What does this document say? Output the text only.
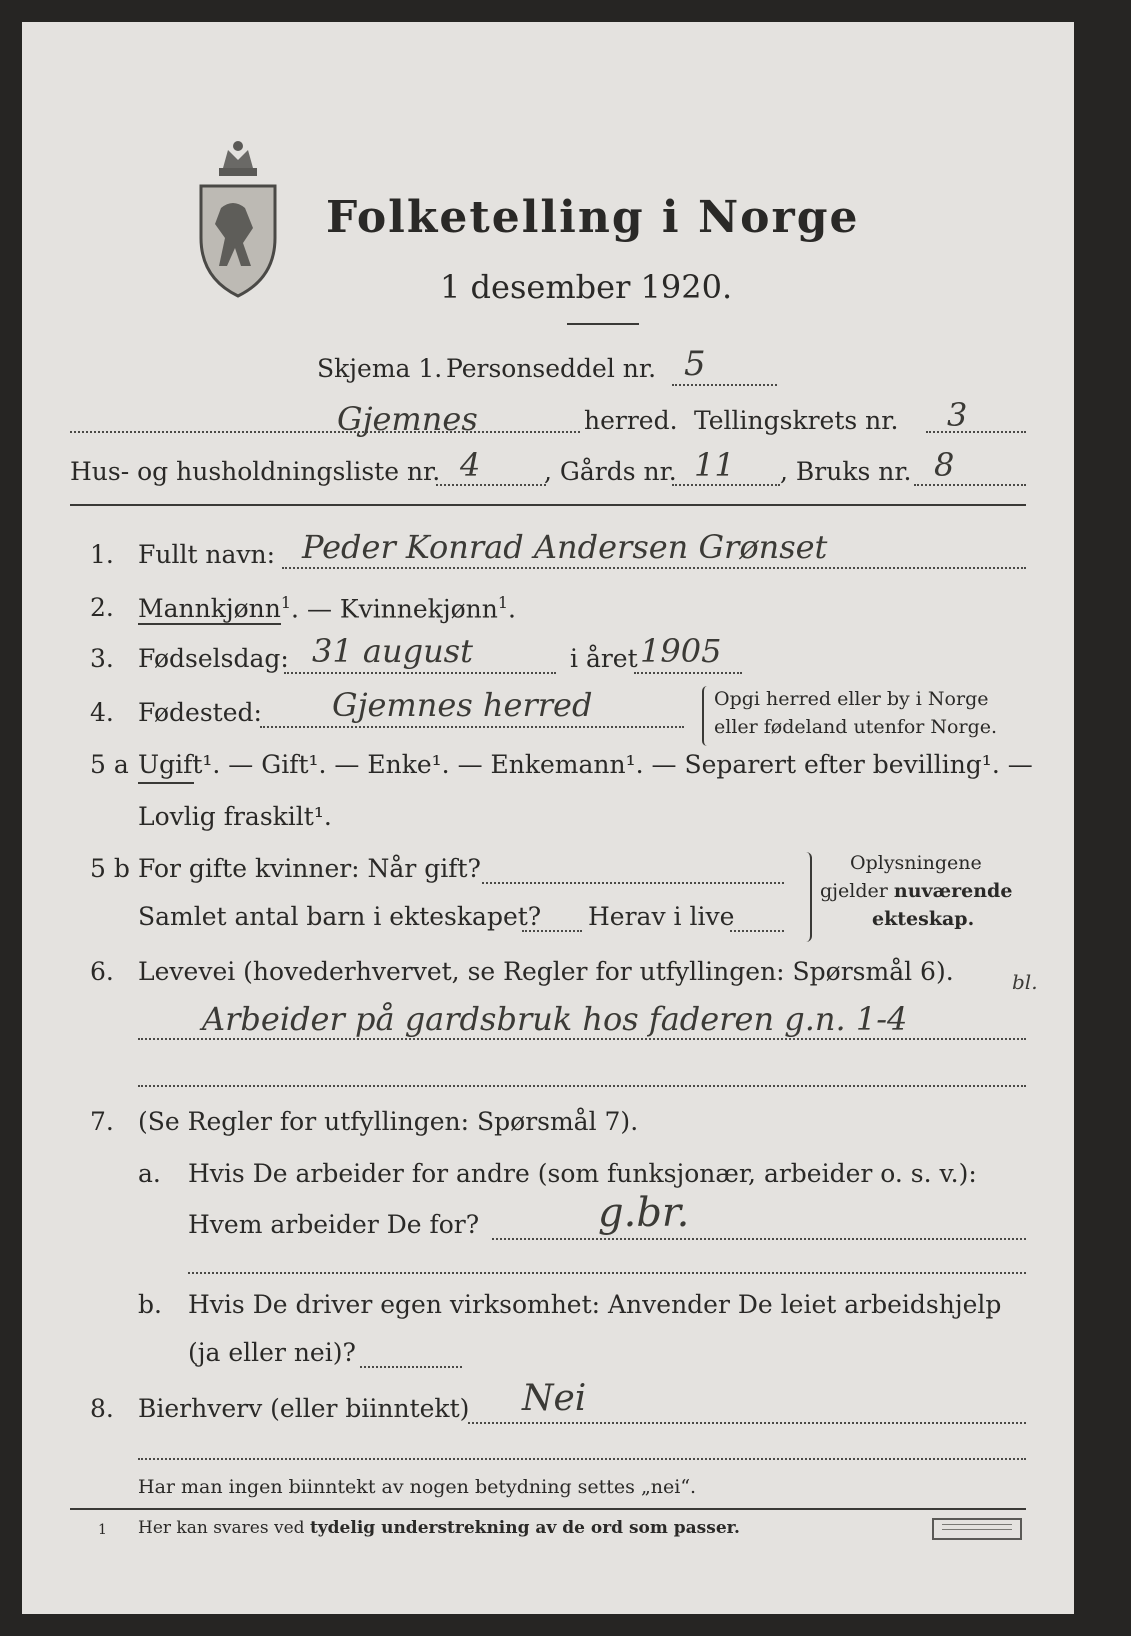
Folketelling i Norge
1 desember 1920.
Skjema 1. Personseddel nr. 5
Gjemnes	herred. Tellingskrets nr. 3
Hus- og husholdningsliste nr. 4	, Gårds nr. 11 , Bruks nr. 8
1. Fullt navn: Peder Konrad Andersen Grønset
2. Mannkjønn$^1$. — Kvinnekjønn$^1$.
3. Fødselsdag: 31 august	i året 1905
4. Fødested: Gjemnes herred	Opgi herred eller by i Norge
eller fødeland utenfor Norge.
5 a Ugift¹. — Gift¹. — Enke¹. — Enkemann¹. — Separert efter bevilling¹. —
Lovlig fraskilt¹.
5 b For gifte kvinner: Når gift?
Samlet antal barn i ekteskapet? Herav i live
Oplysningene
gjelder nuværende
ekteskap.
6. Levevei (hovederhvervet, se Regler for utfyllingen: Spørsmål 6).
Arbeider på gardsbruk hos faderen g.n. 1-4
bl.
7. (Se Regler for utfyllingen: Spørsmål 7).
a. Hvis De arbeider for andre (som funksjonær, arbeider o. s. v.):
Hvem arbeider De for?	g.br.
b. Hvis De driver egen virksomhet: Anvender De leiet arbeidshjelp
(ja eller nei)?
8. Bierhverv (eller biinntekt) Nei
Har man ingen biinntekt av nogen betydning settes „nei“.
1 Her kan svares ved tydelig understrekning av de ord som passer.
